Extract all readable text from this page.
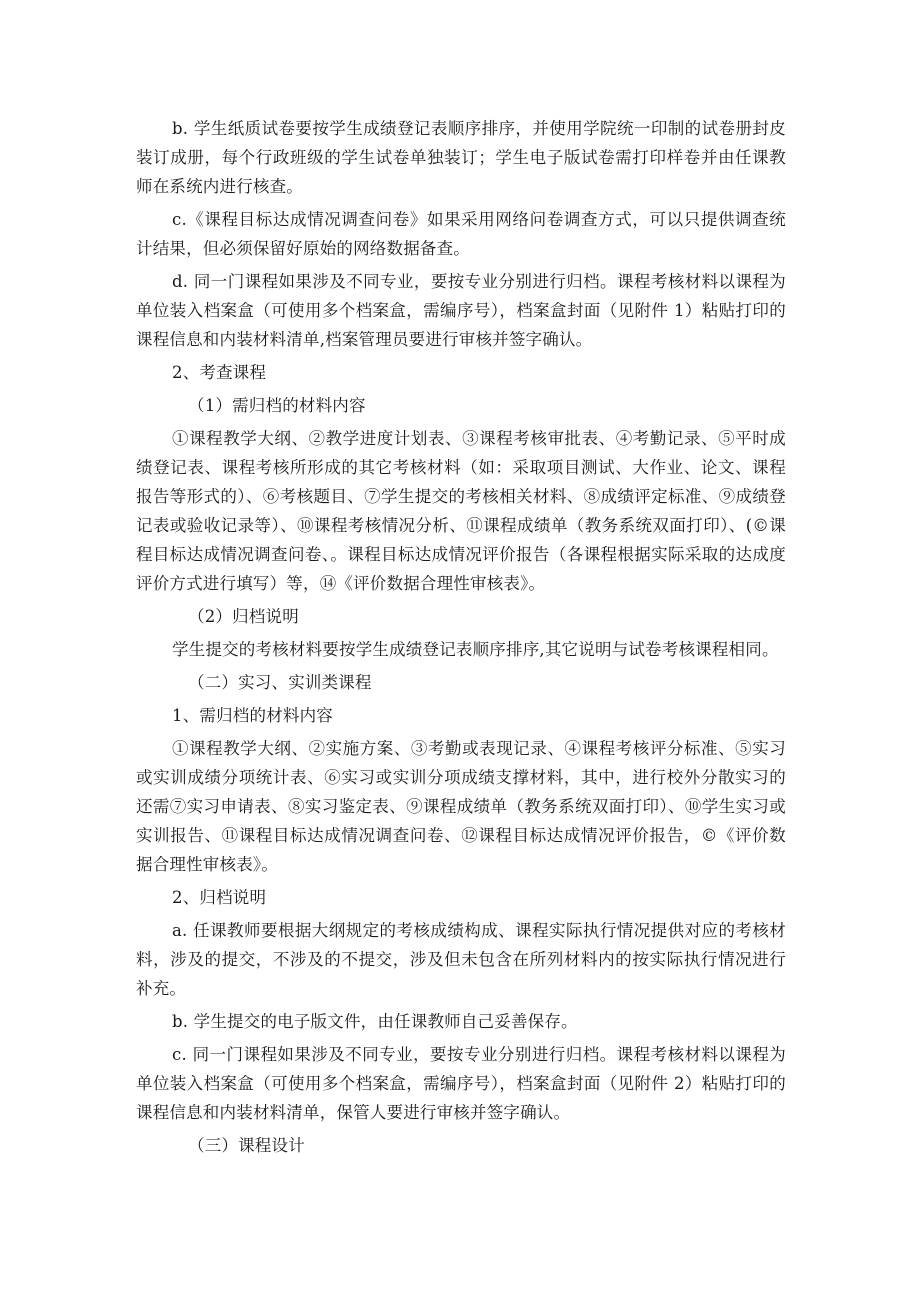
b. 学生纸质试卷要按学生成绩登记表顺序排序，并使用学院统一印制的试卷册封皮装订成册，每个行政班级的学生试卷单独装订；学生电子版试卷需打印样卷并由任课教师在系统内进行核查。

c.《课程目标达成情况调查问卷》如果采用网络问卷调查方式，可以只提供调查统计结果，但必须保留好原始的网络数据备查。

d. 同一门课程如果涉及不同专业，要按专业分别进行归档。课程考核材料以课程为单位装入档案盒（可使用多个档案盒，需编序号），档案盒封面（见附件 1）粘贴打印的课程信息和内装材料清单,档案管理员要进行审核并签字确认。

2、考查课程

（1）需归档的材料内容

①课程教学大纲、②教学进度计划表、③课程考核审批表、④考勤记录、⑤平时成绩登记表、课程考核所形成的其它考核材料（如：采取项目测试、大作业、论文、课程报告等形式的）、⑥考核题目、⑦学生提交的考核相关材料、⑧成绩评定标准、⑨成绩登记表或验收记录等）、⑩课程考核情况分析、⑪课程成绩单（教务系统双面打印）、(©课程目标达成情况调查问卷、。课程目标达成情况评价报告（各课程根据实际采取的达成度评价方式进行填写）等，⑭《评价数据合理性审核表》。

（2）归档说明

学生提交的考核材料要按学生成绩登记表顺序排序,其它说明与试卷考核课程相同。

（二）实习、实训类课程

1、需归档的材料内容

①课程教学大纲、②实施方案、③考勤或表现记录、④课程考核评分标准、⑤实习或实训成绩分项统计表、⑥实习或实训分项成绩支撑材料，其中，进行校外分散实习的还需⑦实习申请表、⑧实习鉴定表、⑨课程成绩单（教务系统双面打印）、⑩学生实习或实训报告、⑪课程目标达成情况调查问卷、⑫课程目标达成情况评价报告，©《评价数据合理性审核表》。

2、归档说明

a. 任课教师要根据大纲规定的考核成绩构成、课程实际执行情况提供对应的考核材料，涉及的提交，不涉及的不提交，涉及但未包含在所列材料内的按实际执行情况进行补充。

b. 学生提交的电子版文件，由任课教师自己妥善保存。

c. 同一门课程如果涉及不同专业，要按专业分别进行归档。课程考核材料以课程为单位装入档案盒（可使用多个档案盒，需编序号），档案盒封面（见附件 2）粘贴打印的课程信息和内装材料清单，保管人要进行审核并签字确认。

（三）课程设计
